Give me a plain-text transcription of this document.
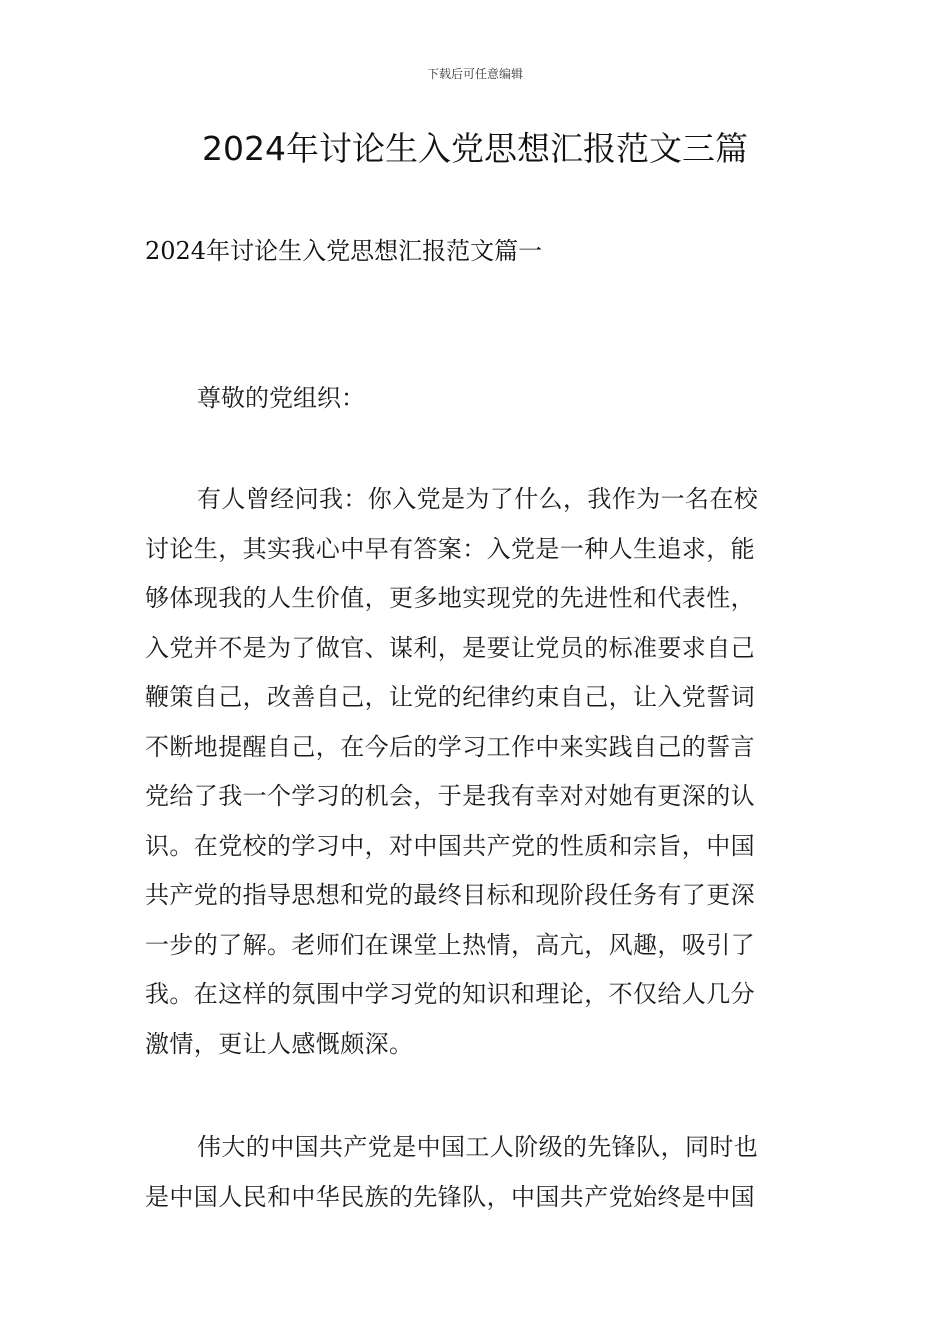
下载后可任意编辑
2024年讨论生入党思想汇报范文三篇
2024年讨论生入党思想汇报范文篇一

尊敬的党组织：

有人曾经问我：你入党是为了什么，我作为一名在校
讨论生，其实我心中早有答案：入党是一种人生追求，能
够体现我的人生价值，更多地实现党的先进性和代表性，
入党并不是为了做官、谋利，是要让党员的标准要求自己
鞭策自己，改善自己，让党的纪律约束自己，让入党誓词
不断地提醒自己，在今后的学习工作中来实践自己的誓言
党给了我一个学习的机会，于是我有幸对对她有更深的认
识。在党校的学习中，对中国共产党的性质和宗旨，中国
共产党的指导思想和党的最终目标和现阶段任务有了更深
一步的了解。老师们在课堂上热情，高亢，风趣，吸引了
我。在这样的氛围中学习党的知识和理论，不仅给人几分
激情，更让人感慨颇深。
伟大的中国共产党是中国工人阶级的先锋队，同时也
是中国人民和中华民族的先锋队，中国共产党始终是中国
